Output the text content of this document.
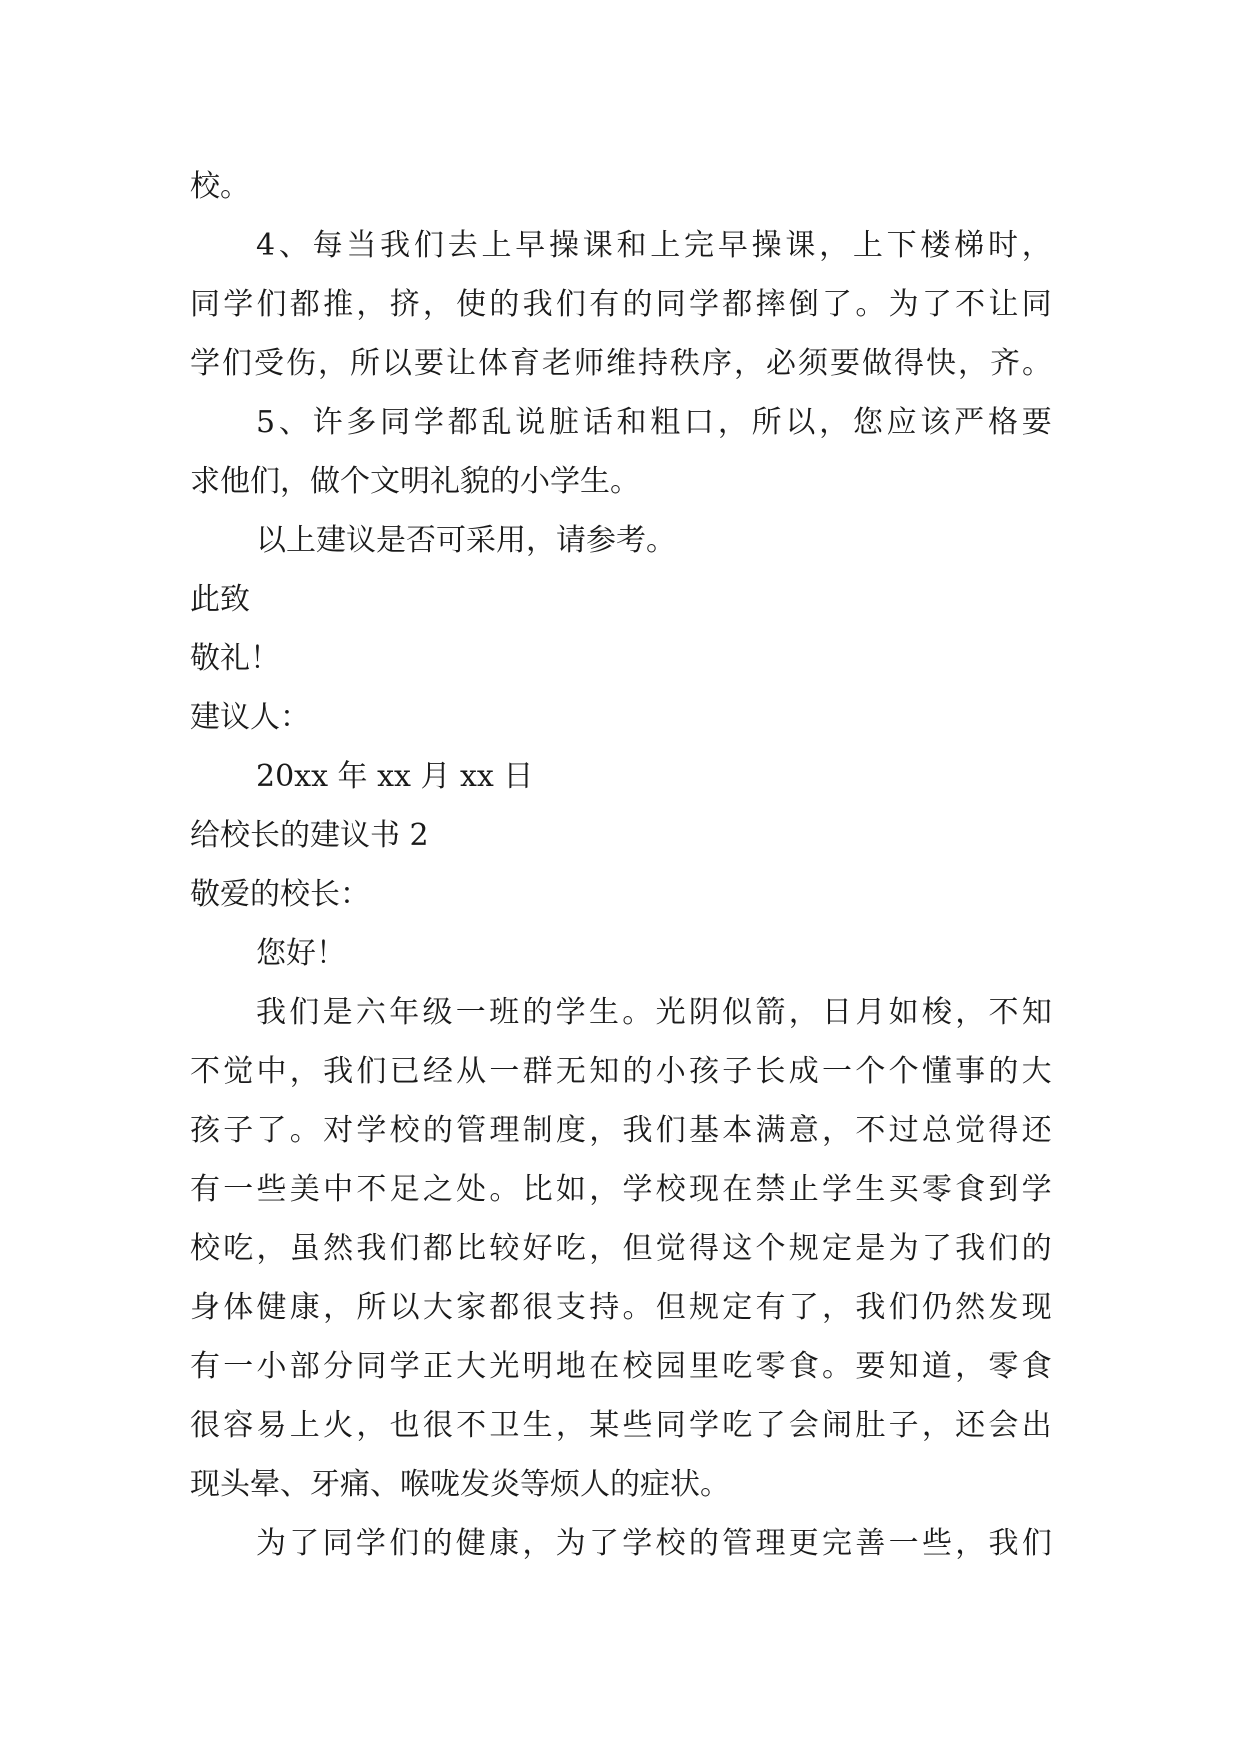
校。
4 、 每 当 我 们 去 上 早 操 课 和 上 完 早 操 课 ， 上 下 楼 梯 时 ，
同 学 们 都 推 ， 挤 ， 使 的 我 们 有 的 同 学 都 摔 倒 了 。 为 了 不 让 同
学 们 受 伤 ， 所 以 要 让 体 育 老 师 维 持 秩 序 ， 必 须 要 做 得 快 ， 齐 。
5 、 许 多 同 学 都 乱 说 脏 话 和 粗 口 ， 所 以 ， 您 应 该 严 格 要
求他们，做个文明礼貌的小学生。
以上建议是否可采用，请参考。
此致
敬礼！
建议人：
20xx 年 xx 月 xx 日
给校长的建议书 2
敬爱的校长：
您好！
我 们 是 六 年 级 一 班 的 学 生 。 光 阴 似 箭 ， 日 月 如 梭 ， 不 知
不 觉 中 ， 我 们 已 经 从 一 群 无 知 的 小 孩 子 长 成 一 个 个 懂 事 的 大
孩 子 了 。 对 学 校 的 管 理 制 度 ， 我 们 基 本 满 意 ， 不 过 总 觉 得 还
有 一 些 美 中 不 足 之 处 。 比 如 ， 学 校 现 在 禁 止 学 生 买 零 食 到 学
校 吃 ， 虽 然 我 们 都 比 较 好 吃 ， 但 觉 得 这 个 规 定 是 为 了 我 们 的
身 体 健 康 ， 所 以 大 家 都 很 支 持 。 但 规 定 有 了 ， 我 们 仍 然 发 现
有 一 小 部 分 同 学 正 大 光 明 地 在 校 园 里 吃 零 食 。 要 知 道 ， 零 食
很 容 易 上 火 ， 也 很 不 卫 生 ， 某 些 同 学 吃 了 会 闹 肚 子 ， 还 会 出
现头晕、牙痛、喉咙发炎等烦人的症状。
为 了 同 学 们 的 健 康 ， 为 了 学 校 的 管 理 更 完 善 一 些 ， 我 们
